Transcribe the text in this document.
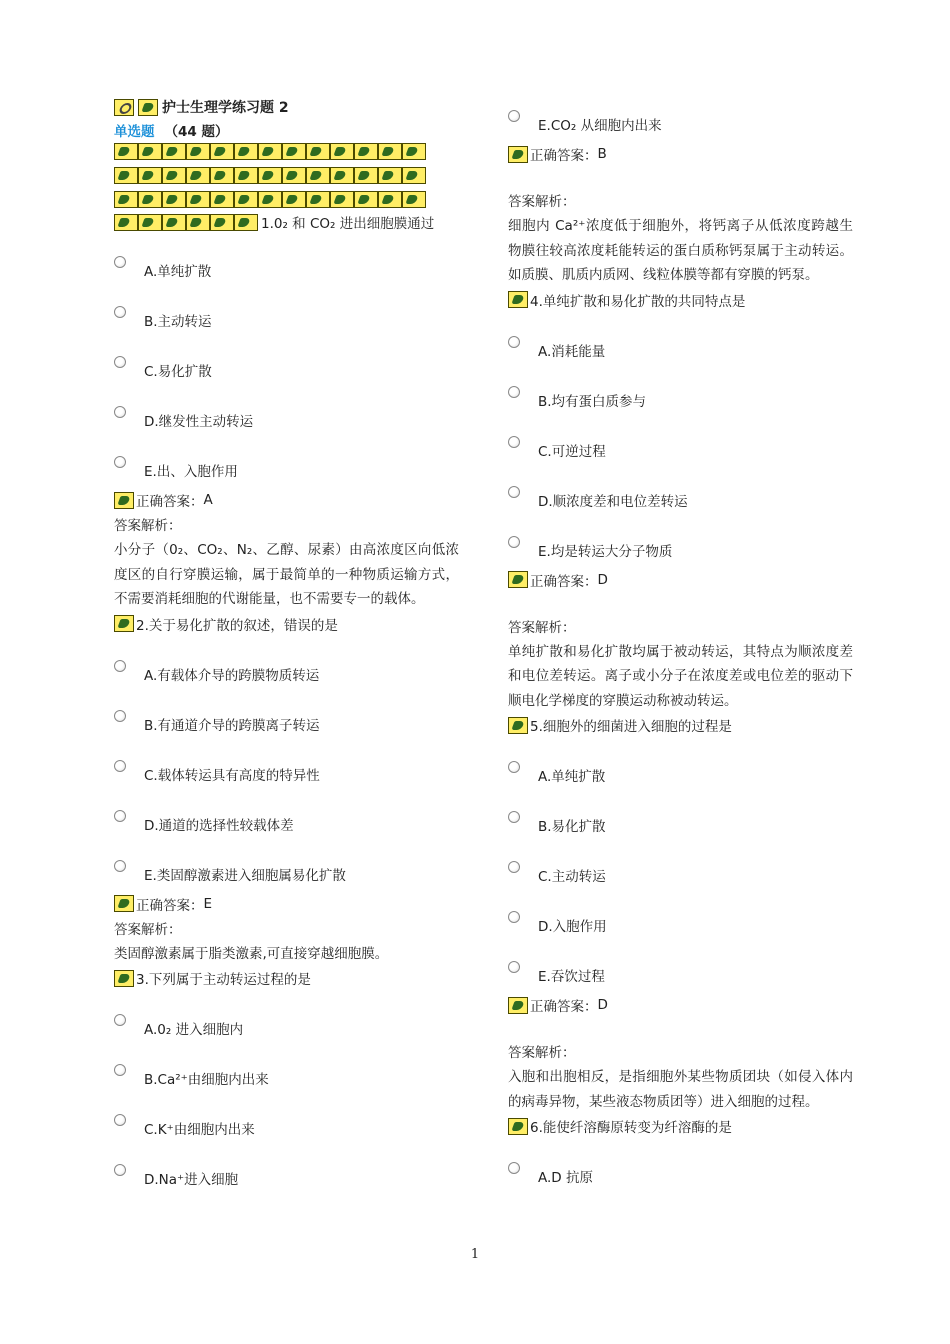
护士生理学练习题 2
单选题 （44 题）
1.0₂ 和 CO₂ 进出细胞膜通过
A.单纯扩散
B.主动转运
C.易化扩散
D.继发性主动转运
E.出、入胞作用
正确答案： A
答案解析：
小分子（0₂、CO₂、N₂、乙醇、尿素）由高浓度区向低浓度区的自行穿膜运输，属于最简单的一种物质运输方式，不需要消耗细胞的代谢能量，也不需要专一的载体。
2.关于易化扩散的叙述，错误的是
A.有载体介导的跨膜物质转运
B.有通道介导的跨膜离子转运
C.载体转运具有高度的特异性
D.通道的选择性较载体差
E.类固醇激素进入细胞属易化扩散
正确答案： E
答案解析：
类固醇激素属于脂类激素,可直接穿越细胞膜。
3.下列属于主动转运过程的是
A.0₂ 进入细胞内
B.Ca²⁺由细胞内出来
C.K⁺由细胞内出来
D.Na⁺进入细胞
E.CO₂ 从细胞内出来
正确答案： B
答案解析：
细胞内 Ca²⁺浓度低于细胞外，将钙离子从低浓度跨越生物膜往较高浓度耗能转运的蛋白质称钙泵属于主动转运。如质膜、肌质内质网、线粒体膜等都有穿膜的钙泵。
4.单纯扩散和易化扩散的共同特点是
A.消耗能量
B.均有蛋白质参与
C.可逆过程
D.顺浓度差和电位差转运
E.均是转运大分子物质
正确答案： D
答案解析：
单纯扩散和易化扩散均属于被动转运，其特点为顺浓度差和电位差转运。离子或小分子在浓度差或电位差的驱动下顺电化学梯度的穿膜运动称被动转运。
5.细胞外的细菌进入细胞的过程是
A.单纯扩散
B.易化扩散
C.主动转运
D.入胞作用
E.吞饮过程
正确答案： D
答案解析：
入胞和出胞相反，是指细胞外某些物质团块（如侵入体内的病毒异物，某些液态物质团等）进入细胞的过程。
6.能使纤溶酶原转变为纤溶酶的是
A.D 抗原
1
